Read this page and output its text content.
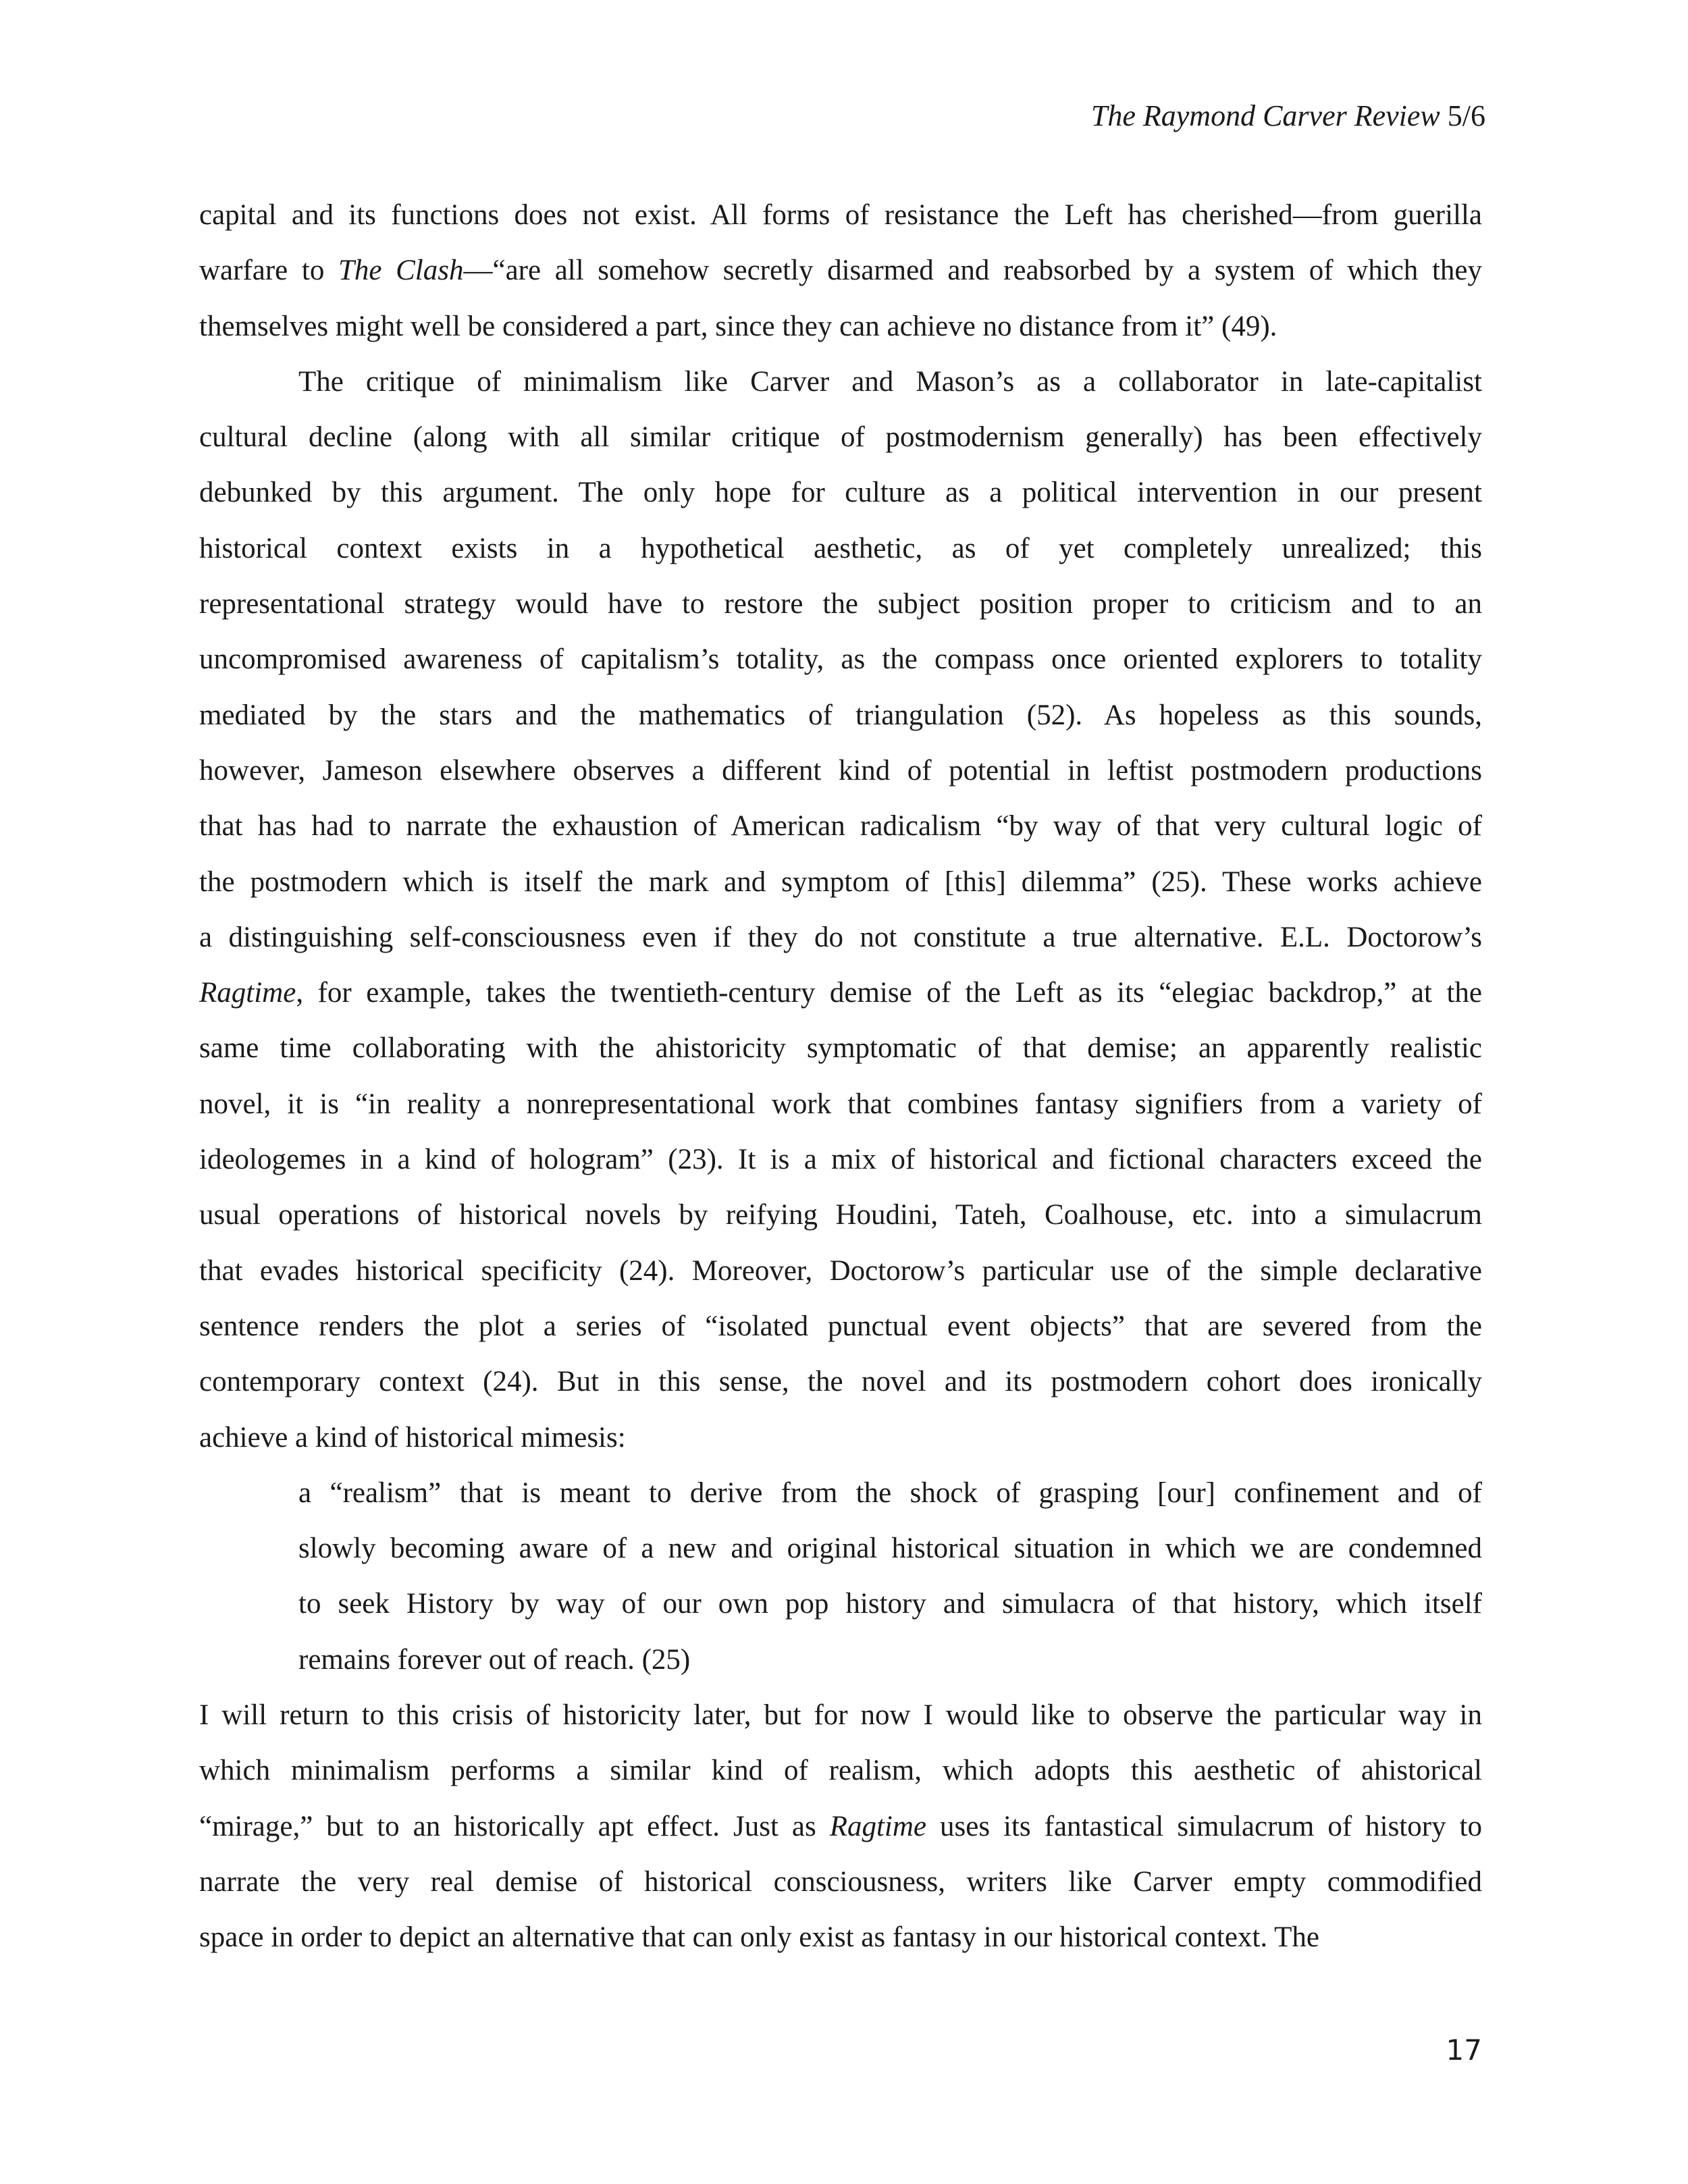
The Raymond Carver Review 5/6
capital and its functions does not exist. All forms of resistance the Left has cherished—from guerilla
warfare to The Clash—“are all somehow secretly disarmed and reabsorbed by a system of which they
themselves might well be considered a part, since they can achieve no distance from it” (49).
The critique of minimalism like Carver and Mason’s as a collaborator in late-capitalist
cultural decline (along with all similar critique of postmodernism generally) has been effectively
debunked by this argument. The only hope for culture as a political intervention in our present
historical context exists in a hypothetical aesthetic, as of yet completely unrealized; this
representational strategy would have to restore the subject position proper to criticism and to an
uncompromised awareness of capitalism’s totality, as the compass once oriented explorers to totality
mediated by the stars and the mathematics of triangulation (52). As hopeless as this sounds,
however, Jameson elsewhere observes a different kind of potential in leftist postmodern productions
that has had to narrate the exhaustion of American radicalism “by way of that very cultural logic of
the postmodern which is itself the mark and symptom of [this] dilemma” (25). These works achieve
a distinguishing self-consciousness even if they do not constitute a true alternative. E.L. Doctorow’s
Ragtime, for example, takes the twentieth-century demise of the Left as its “elegiac backdrop,” at the
same time collaborating with the ahistoricity symptomatic of that demise; an apparently realistic
novel, it is “in reality a nonrepresentational work that combines fantasy signifiers from a variety of
ideologemes in a kind of hologram” (23). It is a mix of historical and fictional characters exceed the
usual operations of historical novels by reifying Houdini, Tateh, Coalhouse, etc. into a simulacrum
that evades historical specificity (24). Moreover, Doctorow’s particular use of the simple declarative
sentence renders the plot a series of “isolated punctual event objects” that are severed from the
contemporary context (24). But in this sense, the novel and its postmodern cohort does ironically
achieve a kind of historical mimesis:
a “realism” that is meant to derive from the shock of grasping [our] confinement and of
slowly becoming aware of a new and original historical situation in which we are condemned
to seek History by way of our own pop history and simulacra of that history, which itself
remains forever out of reach. (25)
I will return to this crisis of historicity later, but for now I would like to observe the particular way in
which minimalism performs a similar kind of realism, which adopts this aesthetic of ahistorical
“mirage,” but to an historically apt effect. Just as Ragtime uses its fantastical simulacrum of history to
narrate the very real demise of historical consciousness, writers like Carver empty commodified
space in order to depict an alternative that can only exist as fantasy in our historical context. The
17
